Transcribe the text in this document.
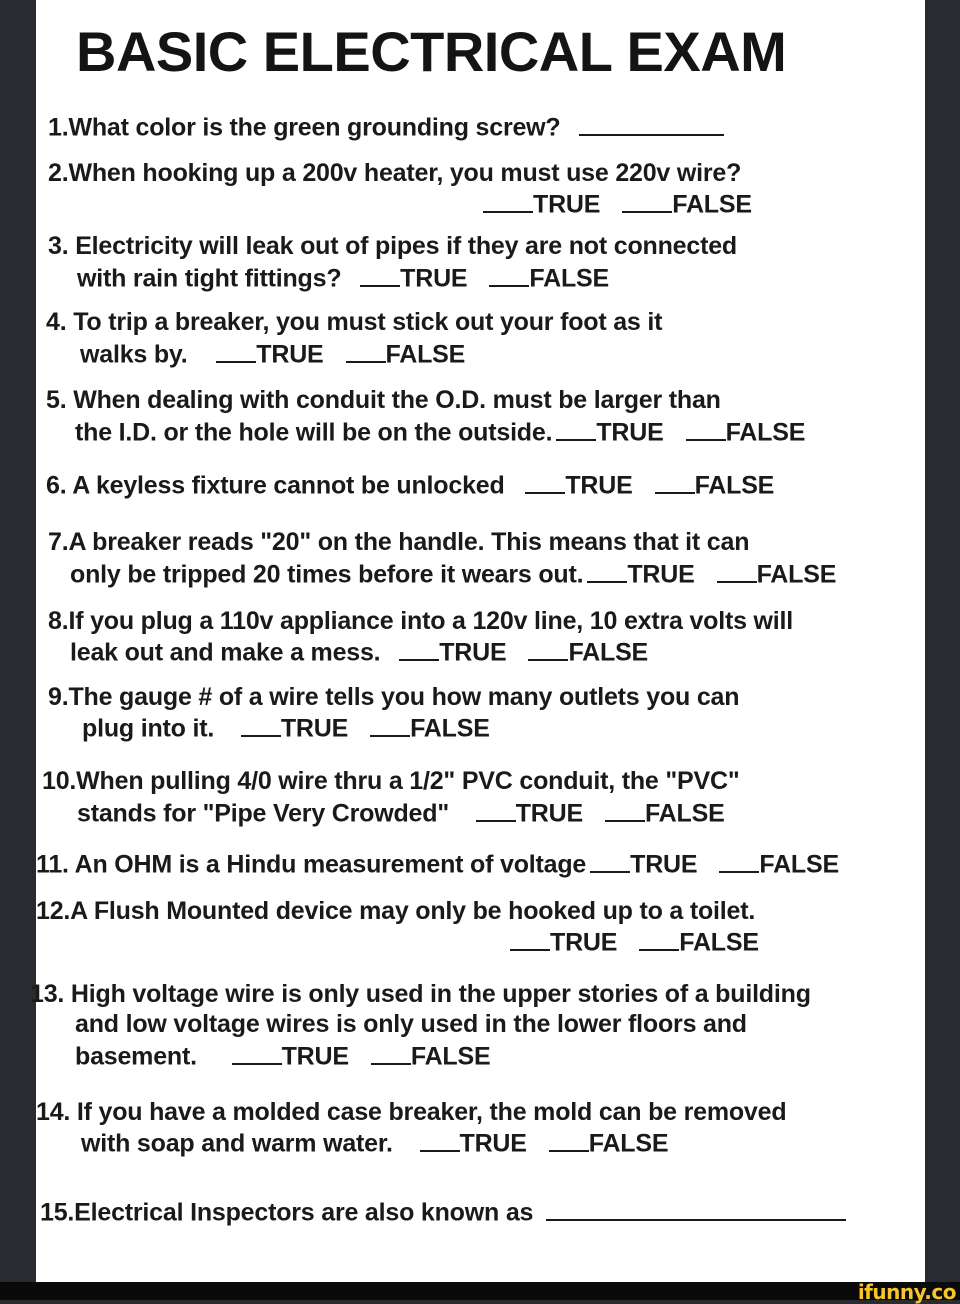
BASIC ELECTRICAL EXAM
1.What color is the green grounding screw?
2.When hooking up a 200v heater, you must use 220v wire?
TRUE	FALSE
3. Electricity will leak out of pipes if they are not connected
with rain tight fittings? TRUE FALSE
4. To trip a breaker, you must stick out your foot as it
walks by.	TRUE FALSE
5. When dealing with conduit the O.D. must be larger than
the I.D. or the hole will be on the outside. TRUE FALSE
6. A keyless fixture cannot be unlocked TRUE FALSE
7.A breaker reads "20" on the handle. This means that it can
only be tripped 20 times before it wears out. TRUE FALSE
8.If you plug a 110v appliance into a 120v line, 10 extra volts will
leak out and make a mess. TRUE FALSE
9.The gauge # of a wire tells you how many outlets you can
plug into it.	TRUE FALSE
10.When pulling 4/0 wire thru a 1/2" PVC conduit, the "PVC"
stands for "Pipe Very Crowded"	TRUE FALSE
11. An OHM is a Hindu measurement of voltage TRUE FALSE
12.A Flush Mounted device may only be hooked up to a toilet.
TRUE FALSE
13. High voltage wire is only used in the upper stories of a building
and low voltage wires is only used in the lower floors and
basement.	TRUE FALSE
14. If you have a molded case breaker, the mold can be removed
with soap and warm water.	TRUE FALSE
15.Electrical Inspectors are also known as
ifunny.co
